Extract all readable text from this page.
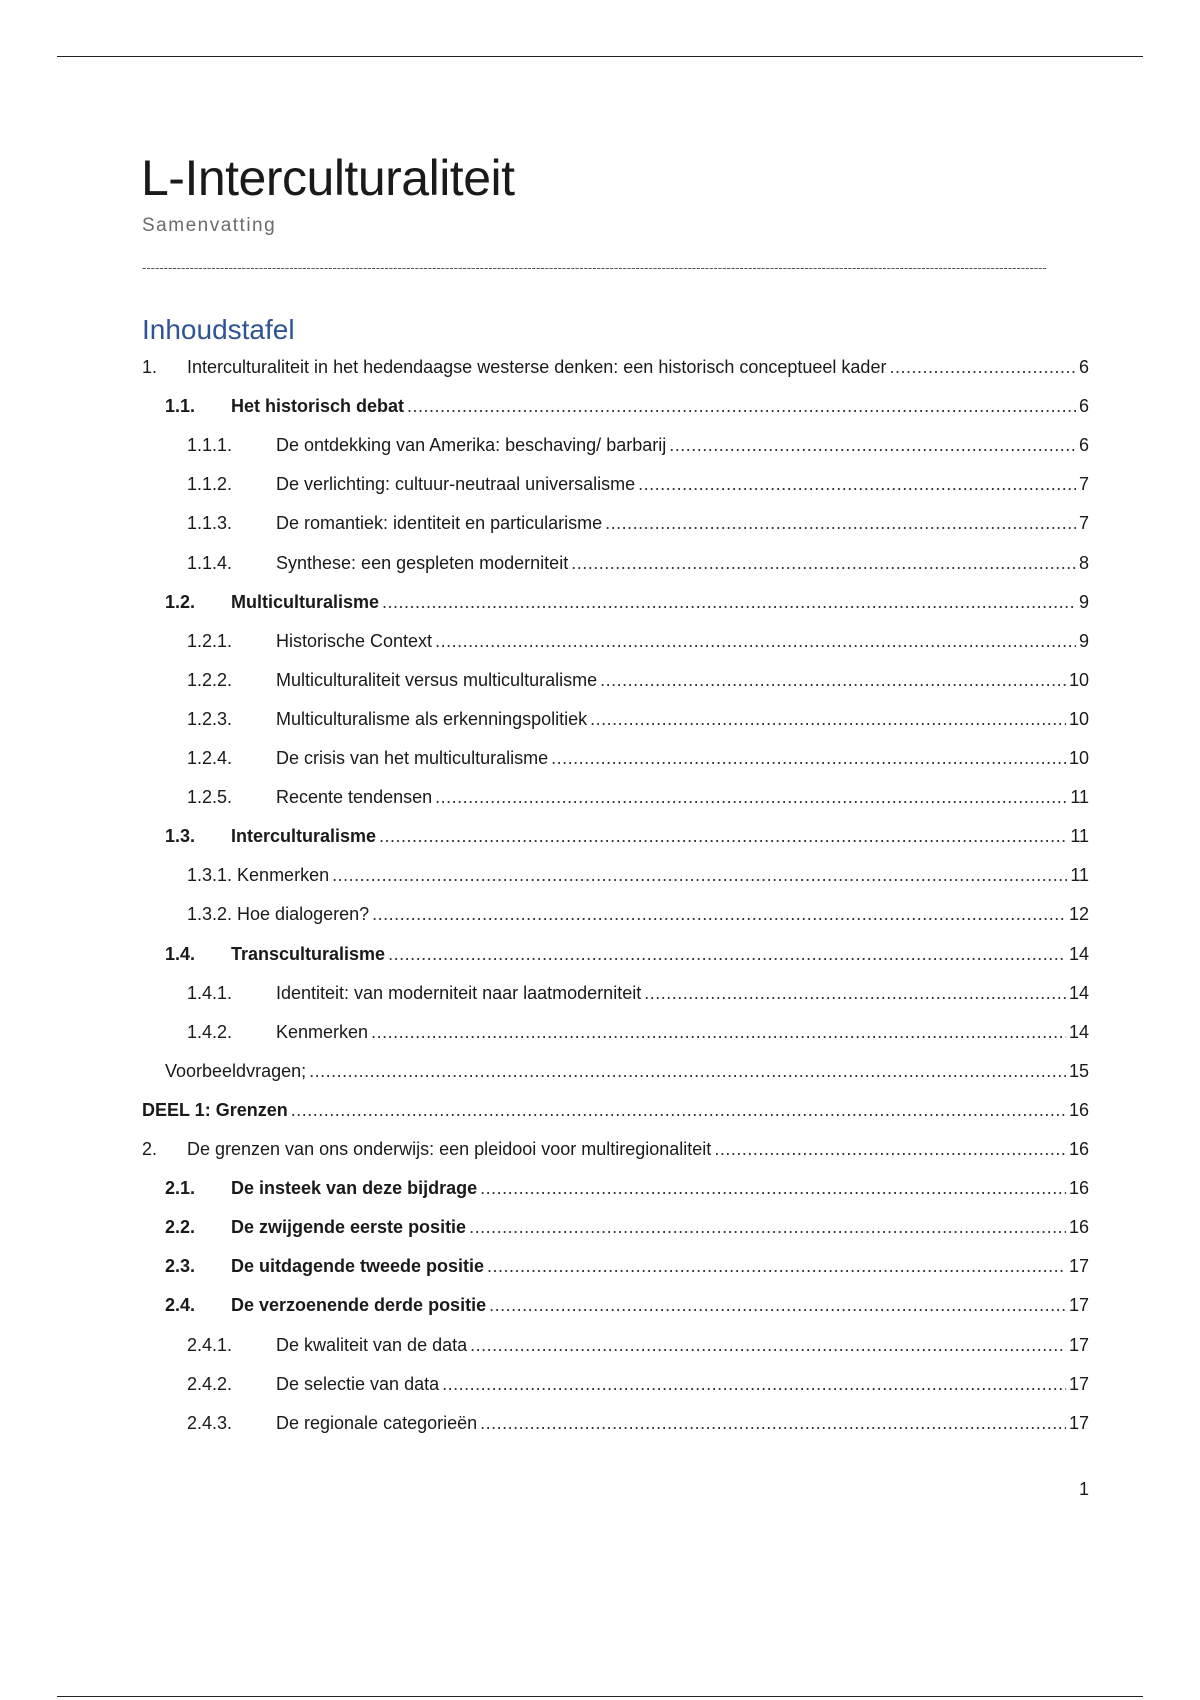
L-Interculturaliteit
Samenvatting
-----------------------------------------------------------------------------------------------------------------------------------------------------------------------------------------------------------------
Inhoudstafel
1.	Interculturaliteit in het hedendaagse westerse denken: een historisch conceptueel kader .....	6
1.1.	Het historisch debat .....	6
1.1.1.	De ontdekking van Amerika: beschaving/ barbarij .....	6
1.1.2.	De verlichting: cultuur-neutraal universalisme .....	7
1.1.3.	De romantiek: identiteit en particularisme .....	7
1.1.4.	Synthese: een gespleten moderniteit .....	8
1.2.	Multiculturalisme .....	9
1.2.1.	Historische Context .....	9
1.2.2.	Multiculturaliteit versus multiculturalisme .....	10
1.2.3.	Multiculturalisme als erkenningspolitiek .....	10
1.2.4.	De crisis van het multiculturalisme .....	10
1.2.5.	Recente tendensen .....	11
1.3.	Interculturalisme .....	11
1.3.1. Kenmerken .....	11
1.3.2. Hoe dialogeren? .....	12
1.4.	Transculturalisme .....	14
1.4.1.	Identiteit: van moderniteit naar laatmoderniteit .....	14
1.4.2.	Kenmerken .....	14
Voorbeeldvragen; .....	15
DEEL 1: Grenzen .....	16
2.	De grenzen van ons onderwijs: een pleidooi voor multiregionaliteit .....	16
2.1.	De insteek van deze bijdrage .....	16
2.2.	De zwijgende eerste positie .....	16
2.3.	De uitdagende tweede positie .....	17
2.4.	De verzoenende derde positie .....	17
2.4.1.	De kwaliteit van de data .....	17
2.4.2.	De selectie van data .....	17
2.4.3.	De regionale categorieën .....	17
1
